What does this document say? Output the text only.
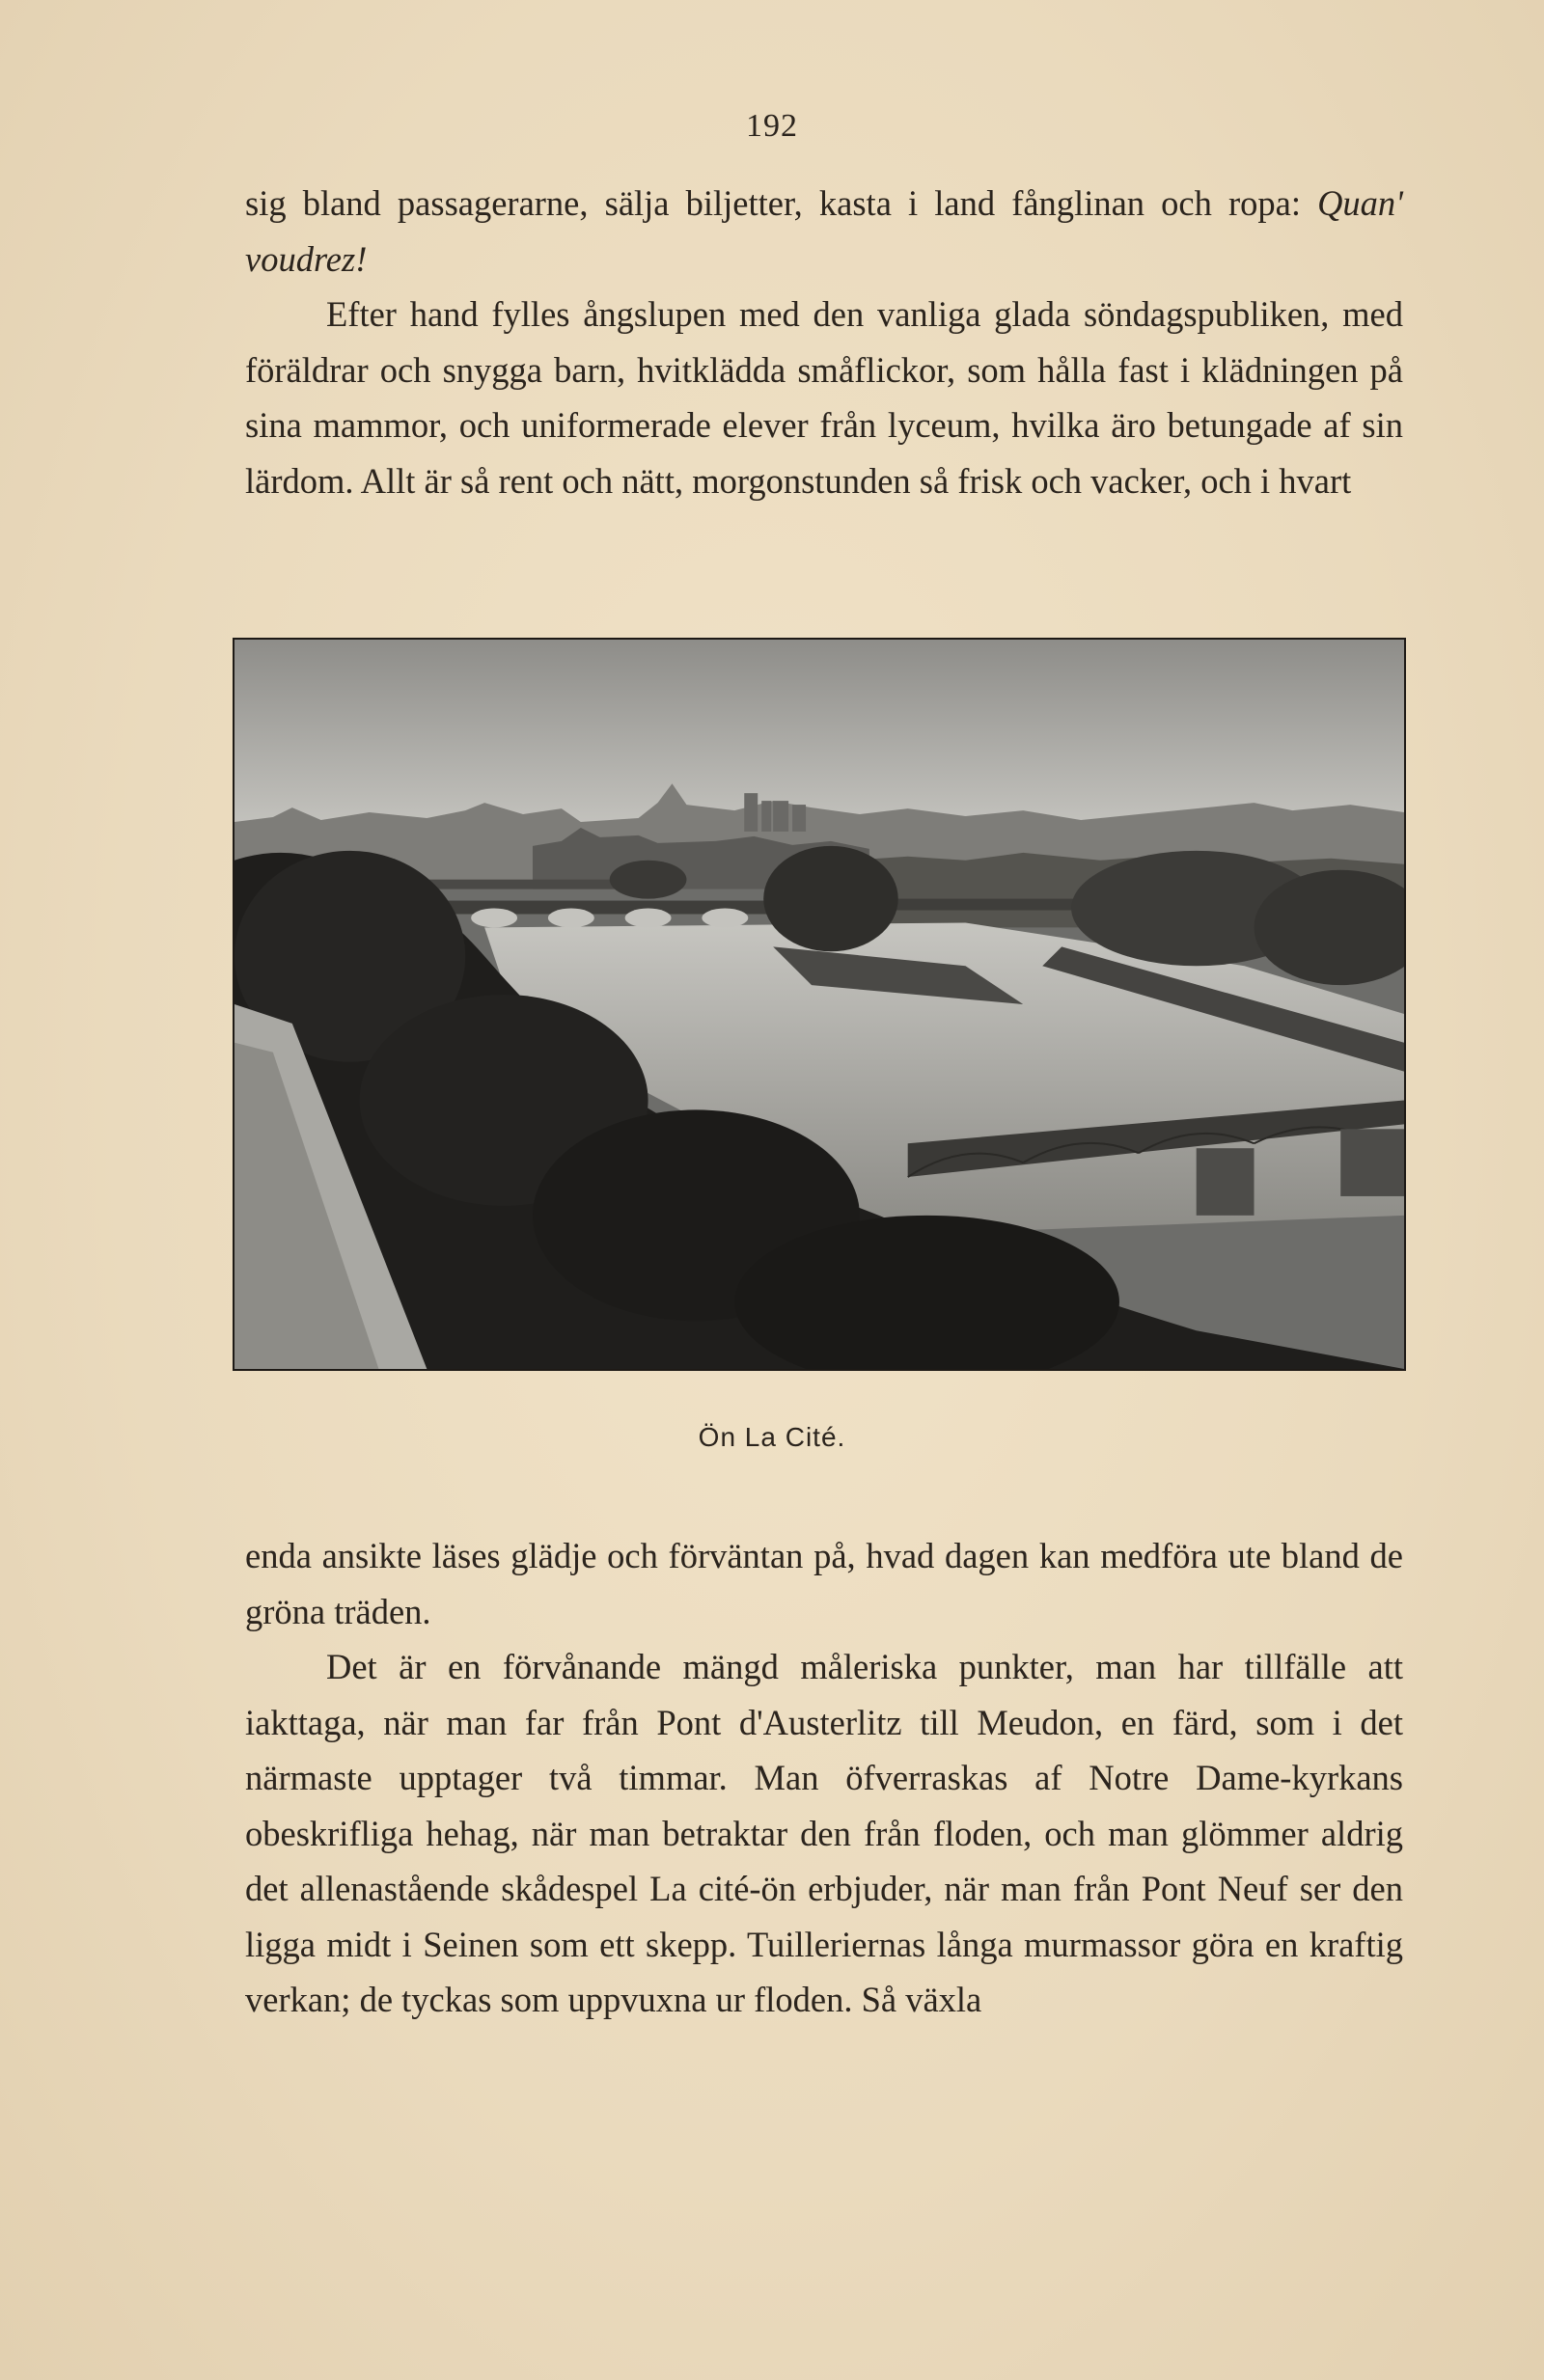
192

sig bland passagerarne, sälja biljetter, kasta i land fånglinan och ropa: Quan' voudrez!

Efter hand fylles ångslupen med den vanliga glada söndagspubliken, med föräldrar och snygga barn, hvitklädda småflickor, som hålla fast i klädningen på sina mammor, och uniformerade elever från lyceum, hvilka äro betungade af sin lärdom. Allt är så rent och nätt, morgonstunden så frisk och vacker, och i hvart

Ön La Cité.

enda ansikte läses glädje och förväntan på, hvad dagen kan medföra ute bland de gröna träden.

Det är en förvånande mängd måleriska punkter, man har tillfälle att iakttaga, när man far från Pont d'Austerlitz till Meudon, en färd, som i det närmaste upptager två timmar. Man öfverraskas af Notre Dame-kyrkans obeskrifliga hehag, när man betraktar den från floden, och man glömmer aldrig det allenastående skådespel La cité-ön erbjuder, när man från Pont Neuf ser den ligga midt i Seinen som ett skepp. Tuilleriernas långa murmassor göra en kraftig verkan; de tyckas som uppvuxna ur floden. Så växla
